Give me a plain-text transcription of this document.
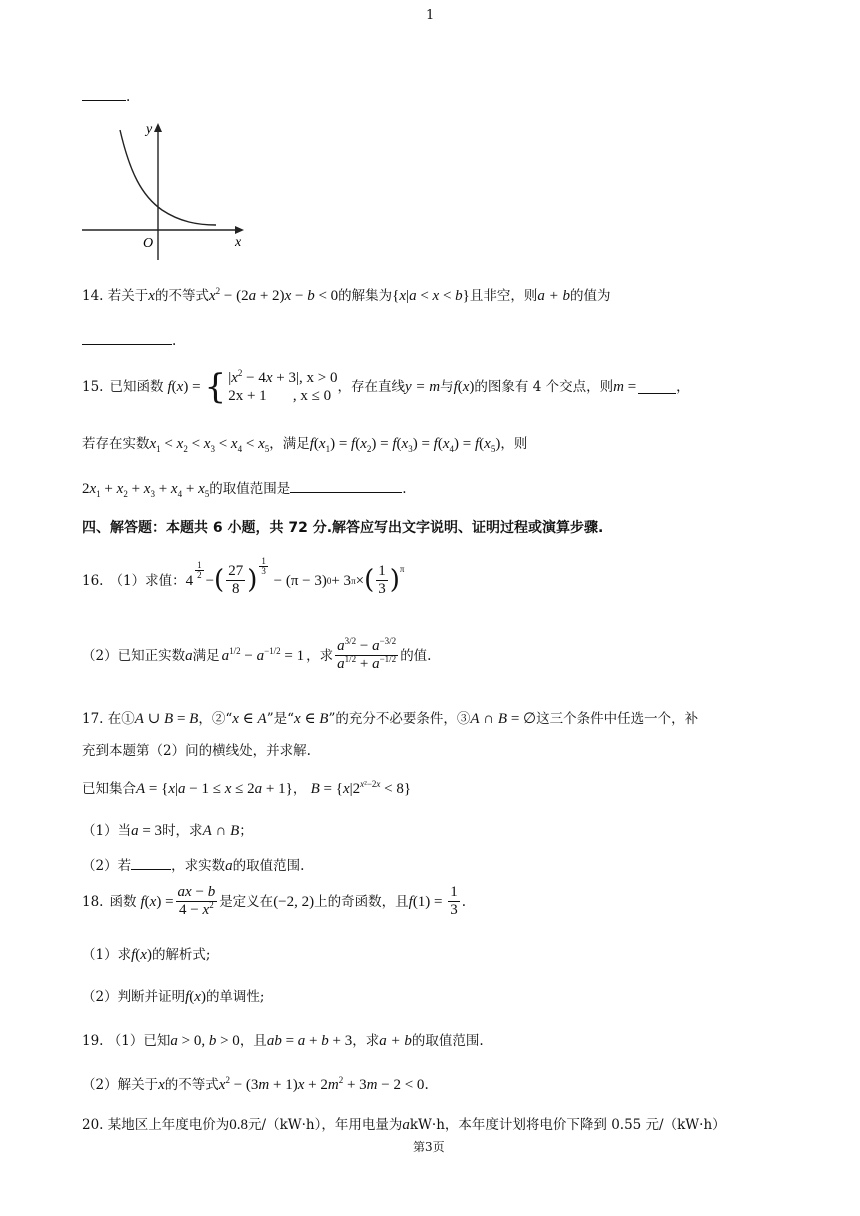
1
.
y
x
O
14. 若关于x的不等式$x^2 - (2a + 2)x - b < 0$的解集为{x|a < x < b}且非空，则a + b的值为
.
15. 已知函数 f(x) = { $|x^2 - 4x + 3|$, x > 0
2x + 1 , x ≤ 0
，存在直线 y = m 与 f(x) 的图象有 4 个交点，则 m =	，
若存在实数$x_1 < x_2 < x_3 < x_4 < x_5$，满足$f(x_1) = f(x_2) = f(x_3) = f(x_4) = f(x_5)$，则
$2x_1 + x_2 + x_3 + x_4 + x_5$的取值范围是	.
四、解答题：本题共 6 小题，共 72 分.解答应写出文字说明、证明过程或演算步骤.
16. （1）求值： 4 $^{\frac{1}{2}}$ − ( $\frac{27}{8}$ ) $^{\frac{1}{3}}$
− (π − 3) 0 + 3 π × ( $\frac{1}{3} )^\pi$
（2）已知正实数 a 满足 $a^{1/2} - a^{-1/2} = 1$ ，求 $\frac{a^{3/2} - a^{-3/2}}{a^{1/2} + a^{-1/2}}$ 的值.
17. 在①A ∪ B = B，②“x ∈ A”是“x ∈ B”的充分不必要条件，③A ∩ B = ∅这三个条件中任选一个，补
充到本题第（2）问的横线处，并求解.
已知集合A = {x|a − 1 ≤ x ≤ 2a + 1}， $B = \{x|2^{x^2-2x} < 8\}$
（1）当a = 3时，求A ∩ B；
（2）若	，求实数a的取值范围.
18. 函数 f ( x ) = $\frac{ax - b}{4 - x^2}$ 是定义在 (−2, 2) 上的奇函数，且 f $(1) = \frac{1}{3}$ .
（1）求f(x)的解析式;
（2）判断并证明f(x)的单调性;
19. （1）已知a > 0, b > 0，且ab = a + b + 3，求a + b的取值范围.
（2）解关于x的不等式$x^2 - (3m + 1)x + 2m^2 + 3m - 2 < 0$.
20. 某地区上年度电价为0.8元/（kW·h），年用电量为akW·h，本年度计划将电价下降到 0.55 元/（kW·h）
第3页
